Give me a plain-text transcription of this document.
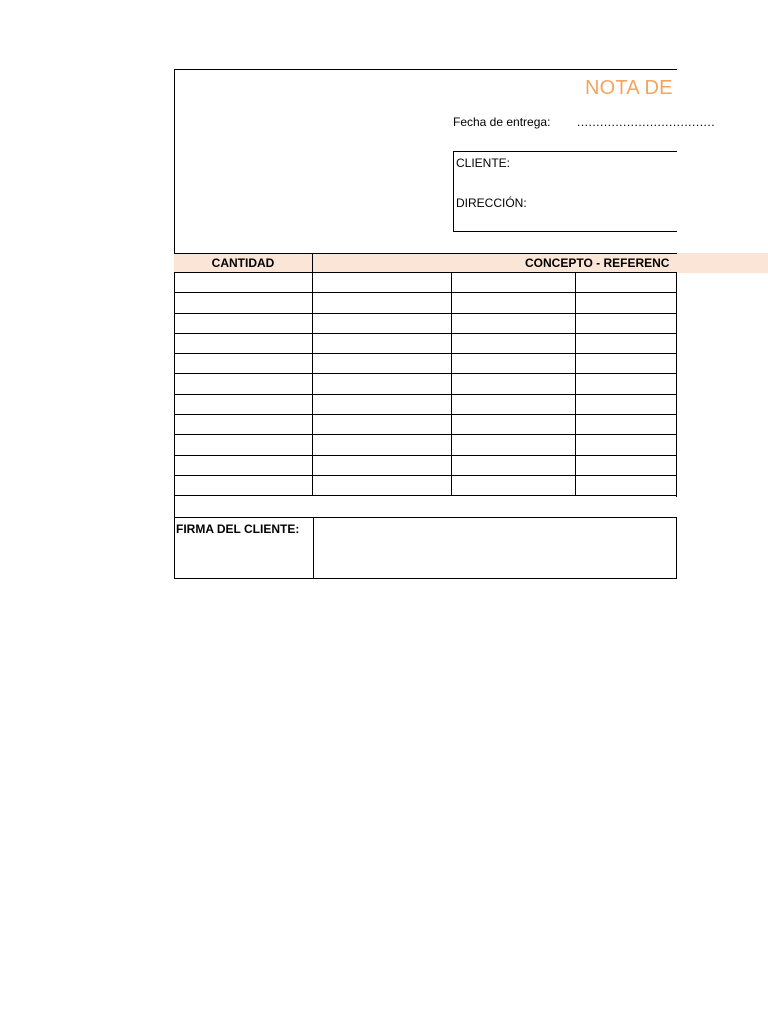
NOTA DE
Fecha de entrega: ....................................
CLIENTE:
DIRECCIÓN:
CANTIDAD	CONCEPTO - REFERENC
FIRMA DEL CLIENTE:
